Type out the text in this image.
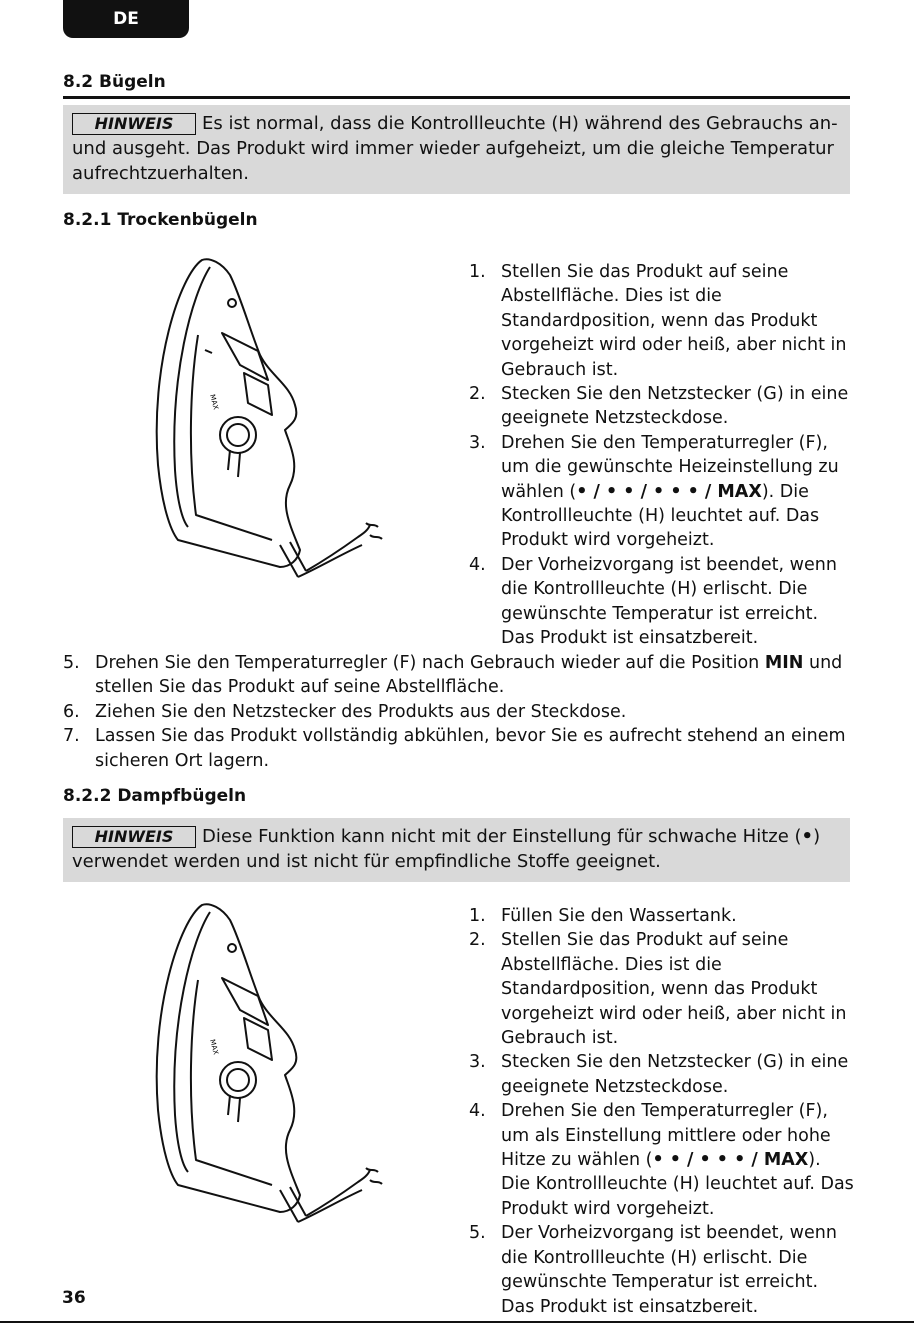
DE
8.2 Bügeln
HINWEIS Es ist normal, dass die Kontrollleuchte (H) während des Gebrauchs an- und ausgeht. Das Produkt wird immer wieder aufgeheizt, um die gleiche Temperatur aufrechtzuerhalten.
8.2.1 Trockenbügeln
MAX
1. Stellen Sie das Produkt auf seine Abstellfläche. Dies ist die Standardposition, wenn das Produkt vorgeheizt wird oder heiß, aber nicht in Gebrauch ist.
2. Stecken Sie den Netzstecker (G) in eine geeignete Netzsteckdose.
3. Drehen Sie den Temperaturregler (F), um die gewünschte Heizeinstellung zu wählen (• / • • / • • • / MAX). Die Kontrollleuchte (H) leuchtet auf. Das Produkt wird vorgeheizt.
4. Der Vorheizvorgang ist beendet, wenn die Kontrollleuchte (H) erlischt. Die gewünschte Temperatur ist erreicht. Das Produkt ist einsatzbereit.
5. Drehen Sie den Temperaturregler (F) nach Gebrauch wieder auf die Position MIN und stellen Sie das Produkt auf seine Abstellfläche.
6. Ziehen Sie den Netzstecker des Produkts aus der Steckdose.
7. Lassen Sie das Produkt vollständig abkühlen, bevor Sie es aufrecht stehend an einem sicheren Ort lagern.
8.2.2 Dampfbügeln
HINWEIS Diese Funktion kann nicht mit der Einstellung für schwache Hitze (•) verwendet werden und ist nicht für empfindliche Stoffe geeignet.
MAX
1. Füllen Sie den Wassertank.
2. Stellen Sie das Produkt auf seine Abstellfläche. Dies ist die Standardposition, wenn das Produkt vorgeheizt wird oder heiß, aber nicht in Gebrauch ist.
3. Stecken Sie den Netzstecker (G) in eine geeignete Netzsteckdose.
4. Drehen Sie den Temperaturregler (F), um als Einstellung mittlere oder hohe Hitze zu wählen (• • / • • • / MAX). Die Kontrollleuchte (H) leuchtet auf. Das Produkt wird vorgeheizt.
5. Der Vorheizvorgang ist beendet, wenn die Kontrollleuchte (H) erlischt. Die gewünschte Temperatur ist erreicht. Das Produkt ist einsatzbereit.
36
